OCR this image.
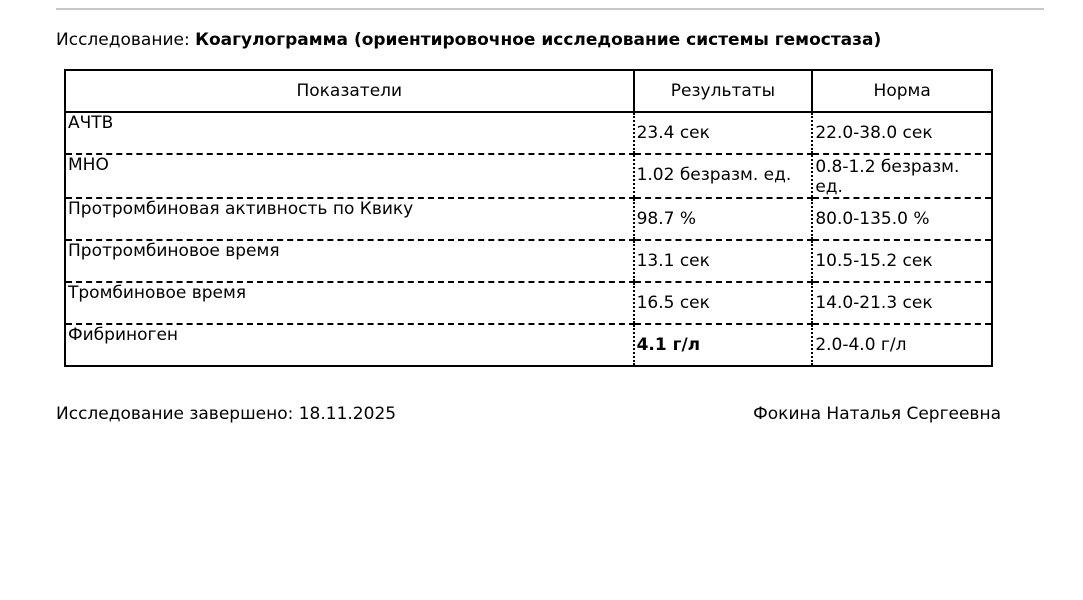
Исследование: Коагулограмма (ориентировочное исследование системы гемостаза)
Показатели	Результаты	Норма
АЧТВ	23.4 сек	22.0-38.0 сек
МНО	1.02 безразм. ед.	0.8-1.2 безразм. ед.
Протромбиновая активность по Квику	98.7 %	80.0-135.0 %
Протромбиновое время	13.1 сек	10.5-15.2 сек
Тромбиновое время	16.5 сек	14.0-21.3 сек
Фибриноген	4.1 г/л	2.0-4.0 г/л
Исследование завершено: 18.11.2025	Фокина Наталья Сергеевна
